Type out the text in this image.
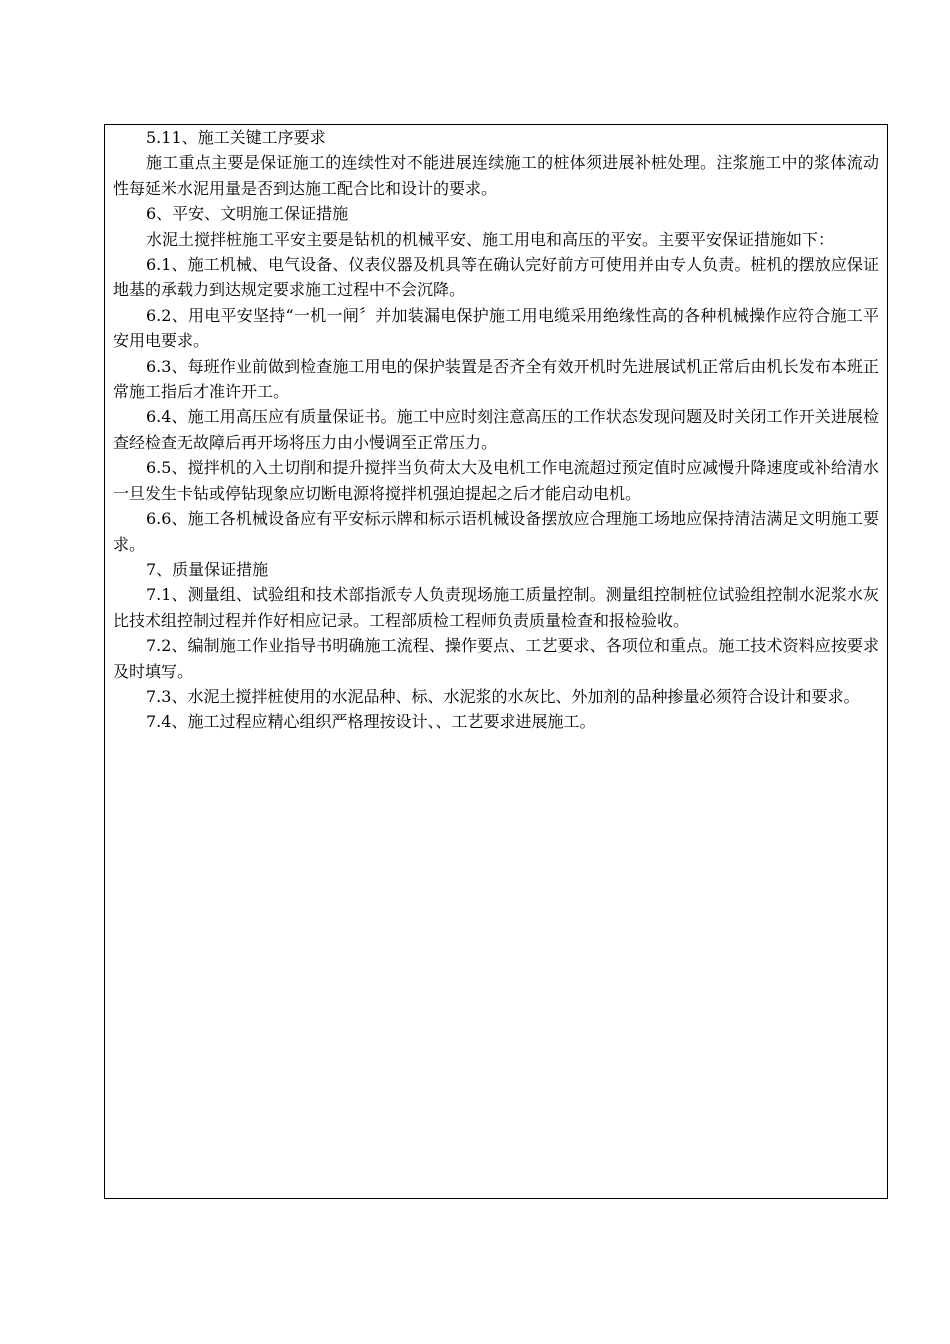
5.11、施工关键工序要求

施工重点主要是保证施工的连续性对不能进展连续施工的桩体须进展补桩处理。注浆施工中的浆体流动性每延米水泥用量是否到达施工配合比和设计的要求。

6、平安、文明施工保证措施

水泥土搅拌桩施工平安主要是钻机的机械平安、施工用电和高压的平安。主要平安保证措施如下：

6.1、施工机械、电气设备、仪表仪器及机具等在确认完好前方可使用并由专人负责。桩机的摆放应保证地基的承载力到达规定要求施工过程中不会沉降。

6.2、用电平安坚持“一机一闸〞并加装漏电保护施工用电缆采用绝缘性高的各种机械操作应符合施工平安用电要求。

6.3、每班作业前做到检查施工用电的保护装置是否齐全有效开机时先进展试机正常后由机长发布本班正常施工指后才准许开工。

6.4、施工用高压应有质量保证书。施工中应时刻注意高压的工作状态发现问题及时关闭工作开关进展检查经检查无故障后再开场将压力由小慢调至正常压力。

6.5、搅拌机的入土切削和提升搅拌当负荷太大及电机工作电流超过预定值时应减慢升降速度或补给清水一旦发生卡钻或停钻现象应切断电源将搅拌机强迫提起之后才能启动电机。

6.6、施工各机械设备应有平安标示牌和标示语机械设备摆放应合理施工场地应保持清洁满足文明施工要求。

7、质量保证措施

7.1、测量组、试验组和技术部指派专人负责现场施工质量控制。测量组控制桩位试验组控制水泥浆水灰比技术组控制过程并作好相应记录。工程部质检工程师负责质量检查和报检验收。

7.2、编制施工作业指导书明确施工流程、操作要点、工艺要求、各项位和重点。施工技术资料应按要求及时填写。

7.3、水泥土搅拌桩使用的水泥品种、标、水泥浆的水灰比、外加剂的品种掺量必须符合设计和要求。

7.4、施工过程应精心组织严格理按设计、、工艺要求进展施工。
